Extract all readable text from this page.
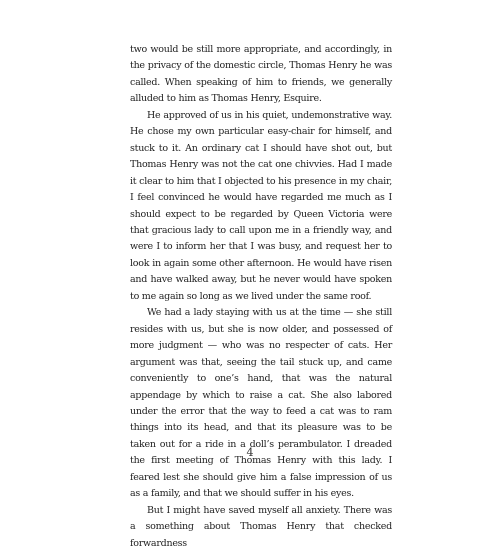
two would be still more appropriate, and accordingly, in the privacy of the domestic circle, Thomas Henry he was called. When speaking of him to friends, we generally alluded to him as Thomas Henry, Esquire.

He approved of us in his quiet, undemonstrative way. He chose my own particular easy-chair for himself, and stuck to it. An ordinary cat I should have shot out, but Thomas Henry was not the cat one chivvies. Had I made it clear to him that I objected to his presence in my chair, I feel convinced he would have regarded me much as I should expect to be regarded by Queen Victoria were that gracious lady to call upon me in a friendly way, and were I to inform her that I was busy, and request her to look in again some other afternoon. He would have risen and have walked away, but he never would have spoken to me again so long as we lived under the same roof.

We had a lady staying with us at the time — she still resides with us, but she is now older, and possessed of more judgment — who was no respecter of cats. Her argument was that, seeing the tail stuck up, and came conveniently to one’s hand, that was the natural appendage by which to raise a cat. She also labored under the error that the way to feed a cat was to ram things into its head, and that its pleasure was to be taken out for a ride in a doll’s perambulator. I dreaded the first meeting of Thomas Henry with this lady. I feared lest she should give him a false impression of us as a family, and that we should suffer in his eyes.

But I might have saved myself all anxiety. There was a something about Thomas Henry that checked forwardness

4
